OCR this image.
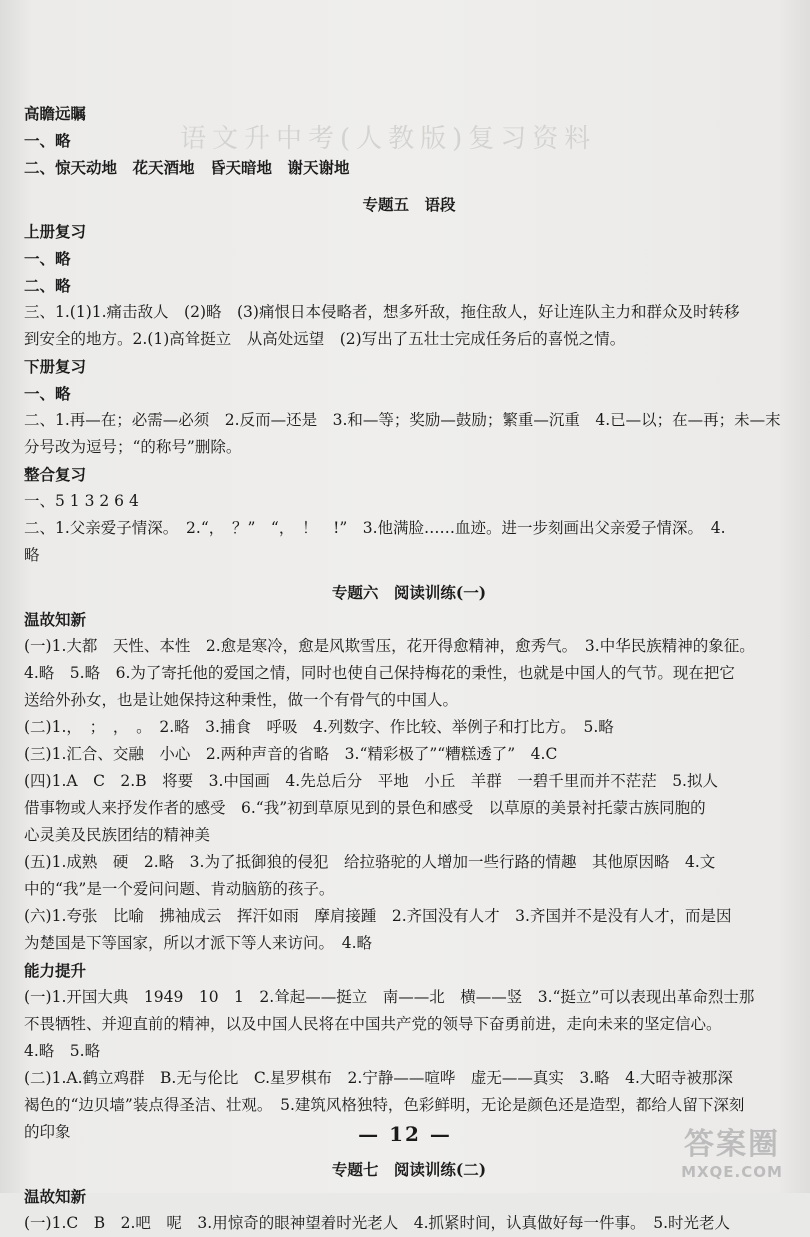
语文升中考(人教版)复习资料
高瞻远瞩
一、略
二、惊天动地　花天酒地　昏天暗地　谢天谢地
专题五　语段
上册复习
一、略
二、略
三、1.(1)1.痛击敌人　(2)略　(3)痛恨日本侵略者，想多歼敌，拖住敌人，好让连队主力和群众及时转移
到安全的地方。2.(1)高耸挺立　从高处远望　(2)写出了五壮士完成任务后的喜悦之情。
下册复习
一、略
二、1.再—在；必需—必须　2.反而—还是　3.和—等；奖励—鼓励；繁重—沉重　4.已—以；在—再；未—末
分号改为逗号；“的称号”删除。
整合复习
一、5 1 3 2 6 4
二、1.父亲爱子情深。　2.“，　？”　“，　！　!”　3.他满脸……血迹。进一步刻画出父亲爱子情深。　4.
略
专题六　阅读训练(一)
温故知新
(一)1.大都　天性、本性　2.愈是寒冷，愈是风欺雪压，花开得愈精神，愈秀气。　3.中华民族精神的象征。
4.略　5.略　6.为了寄托他的爱国之情，同时也使自己保持梅花的秉性，也就是中国人的气节。现在把它
送给外孙女，也是让她保持这种秉性，做一个有骨气的中国人。
(二)1.，　；　，　。　2.略　3.捕食　呼吸　4.列数字、作比较、举例子和打比方。　5.略
(三)1.汇合、交融　小心　2.两种声音的省略　3.“精彩极了”“糟糕透了”　4.C
(四)1.A　C　2.B　将要　3.中国画　4.先总后分　平地　小丘　羊群　一碧千里而并不茫茫　5.拟人
借事物或人来抒发作者的感受　6.“我”初到草原见到的景色和感受　以草原的美景衬托蒙古族同胞的
心灵美及民族团结的精神美
(五)1.成熟　硬　2.略　3.为了抵御狼的侵犯　给拉骆驼的人增加一些行路的情趣　其他原因略　4.文
中的“我”是一个爱问问题、肯动脑筋的孩子。
(六)1.夸张　比喻　拂袖成云　挥汗如雨　摩肩接踵　2.齐国没有人才　3.齐国并不是没有人才，而是因
为楚国是下等国家，所以才派下等人来访问。　4.略
能力提升
(一)1.开国大典　1949　10　1　2.耸起——挺立　南——北　横——竖　3.“挺立”可以表现出革命烈士那
不畏牺牲、并迎直前的精神，以及中国人民将在中国共产党的领导下奋勇前进，走向未来的坚定信心。
4.略　5.略
(二)1.A.鹤立鸡群　B.无与伦比　C.星罗棋布　2.宁静——喧哗　虚无——真实　3.略　4.大昭寺被那深
褐色的“边贝墙”装点得圣洁、壮观。　5.建筑风格独特，色彩鲜明，无论是颜色还是造型，都给人留下深刻
的印象
专题七　阅读训练(二)
温故知新
(一)1.C　B　2.吧　呢　3.用惊奇的眼神望着时光老人　4.抓紧时间，认真做好每一件事。　5.时光老人
— 12 —	答案圈
MXQE.COM
